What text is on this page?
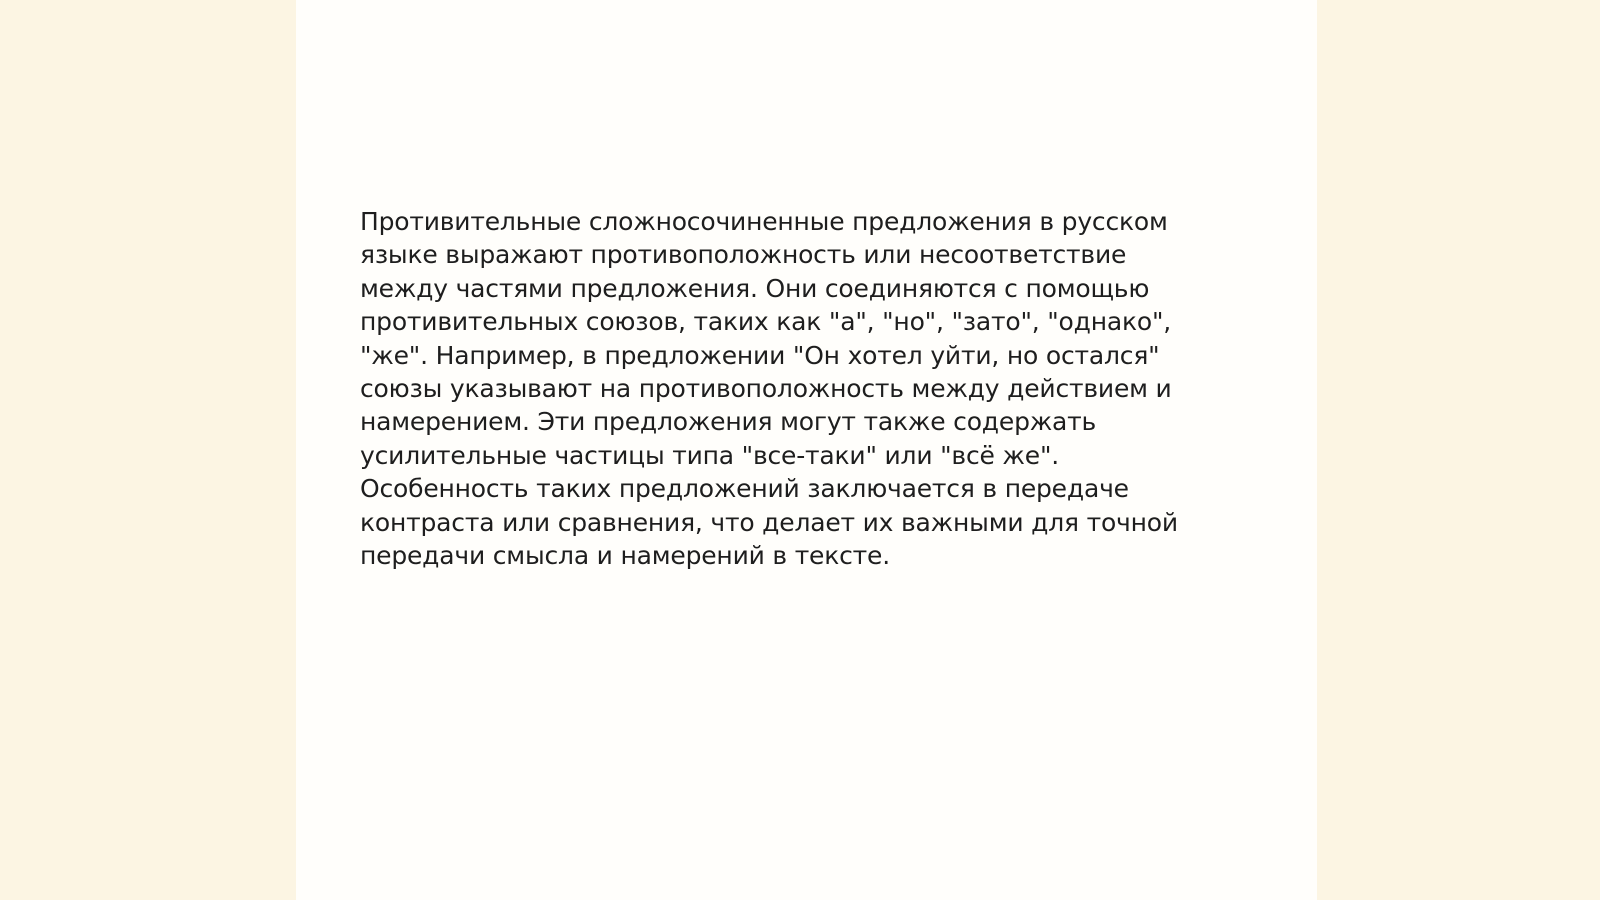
Противительные сложносочиненные предложения в русском
языке выражают противоположность или несоответствие
между частями предложения. Они соединяются с помощью
противительных союзов, таких как "а", "но", "зато", "однако",
"же". Например, в предложении "Он хотел уйти, но остался"
союзы указывают на противоположность между действием и
намерением. Эти предложения могут также содержать
усилительные частицы типа "все-таки" или "всё же".
Особенность таких предложений заключается в передаче
контраста или сравнения, что делает их важными для точной
передачи смысла и намерений в тексте.
